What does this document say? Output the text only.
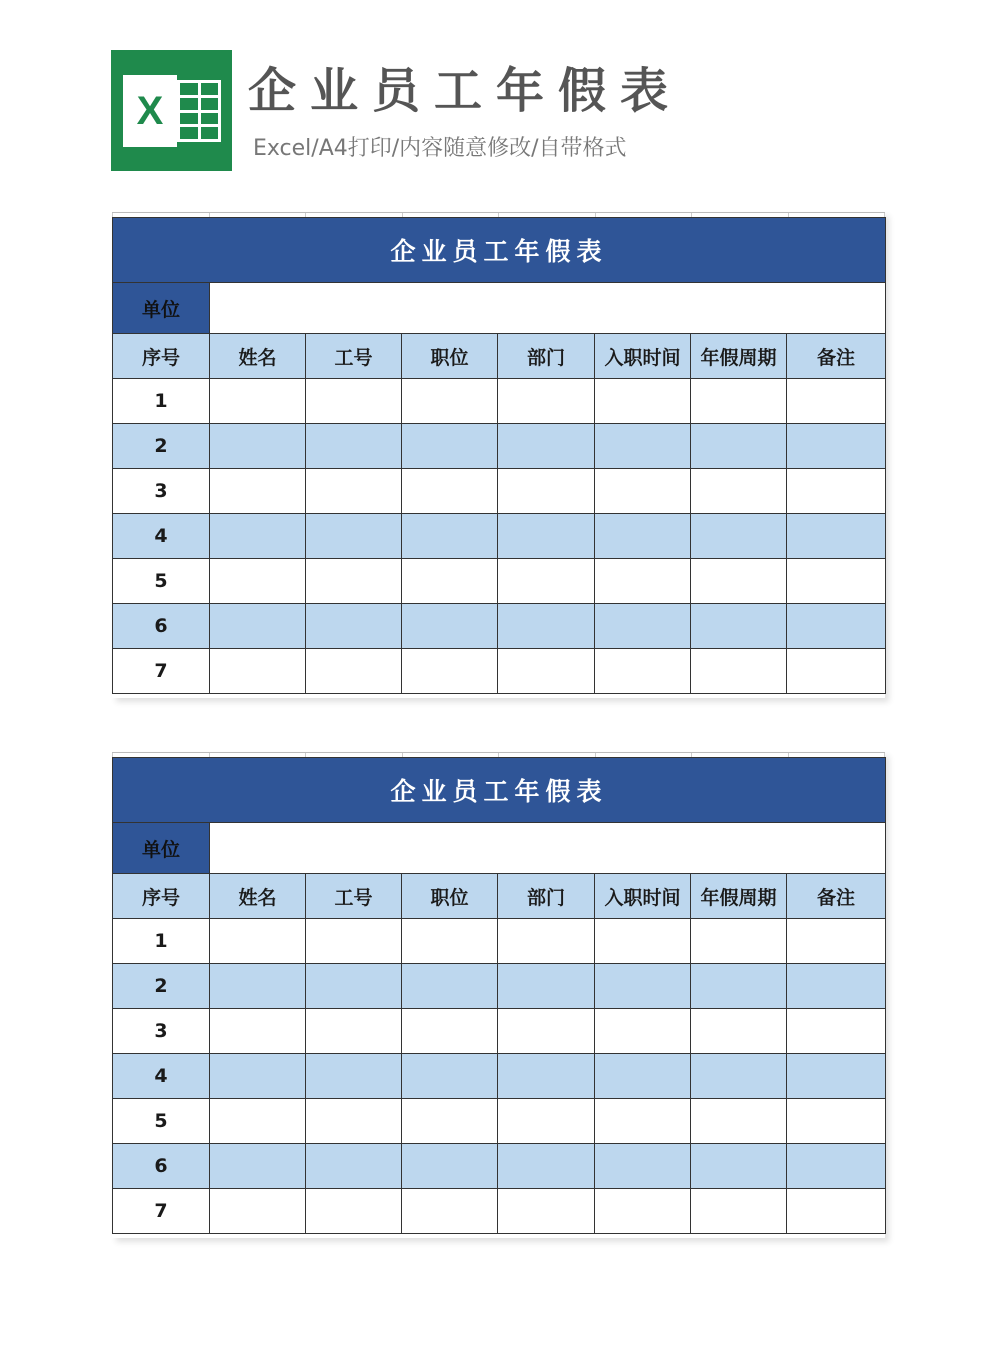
X 企业员工年假表
Excel/A4打印/内容随意修改/自带格式
企业员工年假表							
单位							
序号	姓名	工号	职位	部门	入职时间	年假周期	备注
1							
2							
3							
4							
5							
6							
7							
企业员工年假表							
单位							
序号	姓名	工号	职位	部门	入职时间	年假周期	备注
1							
2							
3							
4							
5							
6							
7							
